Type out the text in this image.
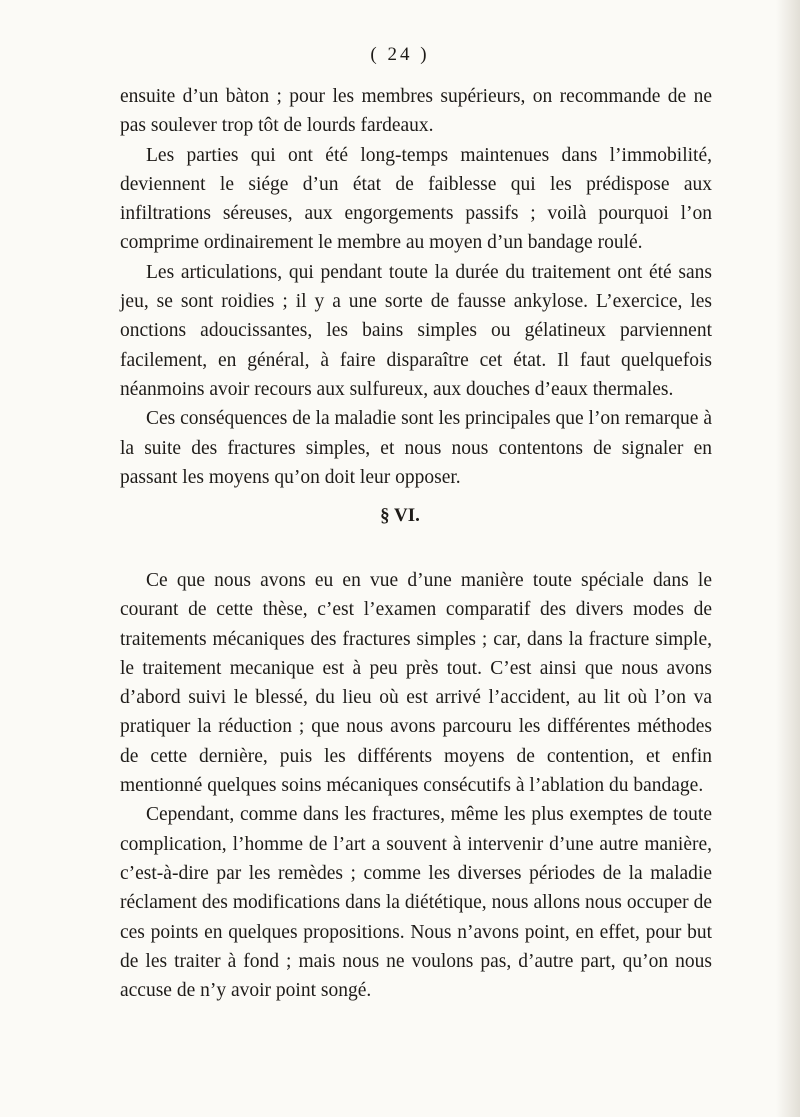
( 24 )

ensuite d’un bàton ; pour les membres supérieurs, on recommande de ne pas soulever trop tôt de lourds fardeaux.

Les parties qui ont été long-temps maintenues dans l’immobilité, deviennent le siége d’un état de faiblesse qui les prédispose aux infiltrations séreuses, aux engorgements passifs ; voilà pourquoi l’on comprime ordinairement le membre au moyen d’un bandage roulé.

Les articulations, qui pendant toute la durée du traitement ont été sans jeu, se sont roidies ; il y a une sorte de fausse ankylose. L’exercice, les onctions adoucissantes, les bains simples ou gélatineux parviennent facilement, en général, à faire disparaître cet état. Il faut quelquefois néanmoins avoir recours aux sulfureux, aux douches d’eaux thermales.

Ces conséquences de la maladie sont les principales que l’on remarque à la suite des fractures simples, et nous nous contentons de signaler en passant les moyens qu’on doit leur opposer.

§ VI.

Ce que nous avons eu en vue d’une manière toute spéciale dans le courant de cette thèse, c’est l’examen comparatif des divers modes de traitements mécaniques des fractures simples ; car, dans la fracture simple, le traitement mecanique est à peu près tout. C’est ainsi que nous avons d’abord suivi le blessé, du lieu où est arrivé l’accident, au lit où l’on va pratiquer la réduction ; que nous avons parcouru les différentes méthodes de cette dernière, puis les différents moyens de contention, et enfin mentionné quelques soins mécaniques consécutifs à l’ablation du bandage.

Cependant, comme dans les fractures, même les plus exemptes de toute complication, l’homme de l’art a souvent à intervenir d’une autre manière, c’est-à-dire par les remèdes ; comme les diverses périodes de la maladie réclament des modifications dans la diététique, nous allons nous occuper de ces points en quelques propositions. Nous n’avons point, en effet, pour but de les traiter à fond ; mais nous ne voulons pas, d’autre part, qu’on nous accuse de n’y avoir point songé.
